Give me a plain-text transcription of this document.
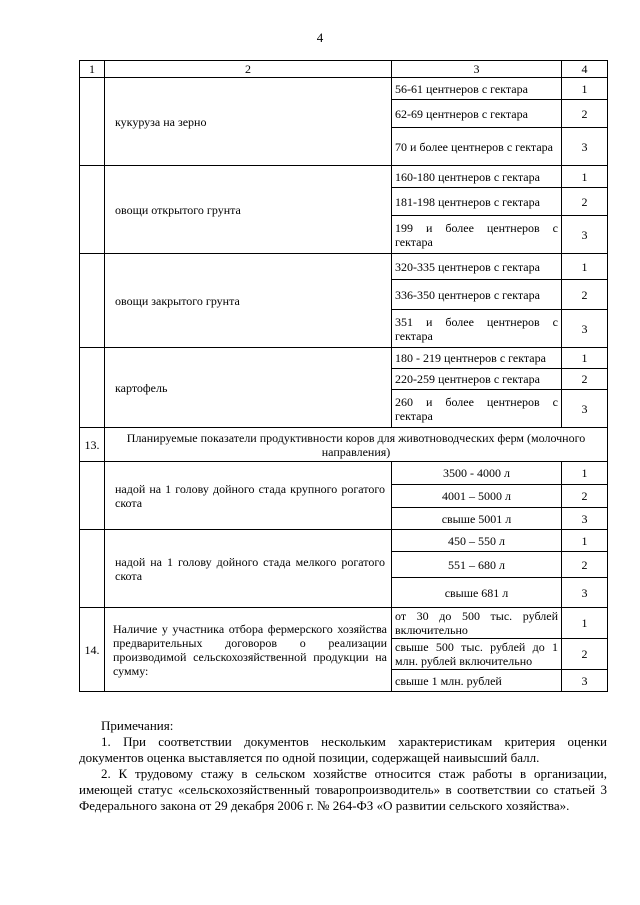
4
1	2	3	4
	кукуруза на зерно	56-61 центнеров с гектара	1
		62-69 центнеров с гектара	2
		70 и более центнеров с гектара	3
	овощи открытого грунта	160-180 центнеров с гектара	1
		181-198 центнеров с гектара	2
		199 и более центнеров с гектара	3
	овощи закрытого грунта	320-335 центнеров с гектара	1
		336-350 центнеров с гектара	2
		351 и более центнеров с гектара	3
	картофель	180 - 219 центнеров с гектара	1
		220-259 центнеров с гектара	2
		260 и более центнеров с гектара	3
13.	Планируемые показатели продуктивности коров для животноводческих ферм (молочного направления)		
	надой на 1 голову дойного стада крупного рогатого скота	3500 - 4000 л	1
		4001 – 5000 л	2
		свыше 5001 л	3
	надой на 1 голову дойного стада мелкого рогатого скота	450 – 550 л	1
		551 – 680 л	2
		свыше 681 л	3
14.	Наличие у участника отбора фермерского хозяйства предварительных договоров о реализации производимой сельскохозяйственной продукции на сумму:	от 30 до 500 тыс. рублей включительно	1
		свыше 500 тыс. рублей до 1 млн. рублей включительно	2
		свыше 1 млн. рублей	3

Примечания:

1. При соответствии документов нескольким характеристикам критерия оценки документов оценка выставляется по одной позиции, содержащей наивысший балл.

2. К трудовому стажу в сельском хозяйстве относится стаж работы в организации, имеющей статус «сельскохозяйственный товаропроизводитель» в соответствии со статьей 3 Федерального закона от 29 декабря 2006 г. № 264-ФЗ «О развитии сельского хозяйства».
